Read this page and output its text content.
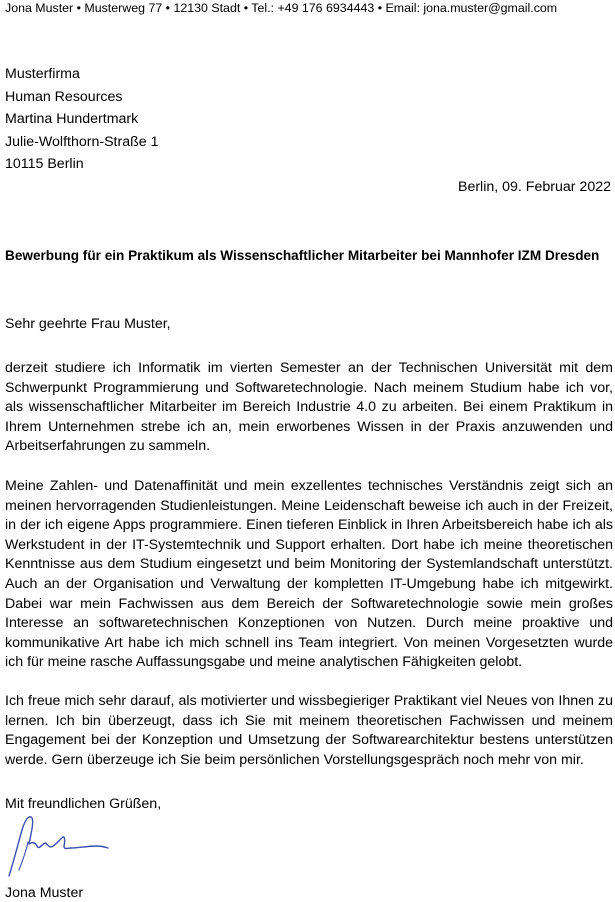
Jona Muster • Musterweg 77 • 12130 Stadt • Tel.: +49 176 6934443 • Email: jona.muster@gmail.com
Musterfirma
Human Resources
Martina Hundertmark
Julie-Wolfthorn-Straße 1
10115 Berlin
Berlin, 09. Februar 2022
Bewerbung für ein Praktikum als Wissenschaftlicher Mitarbeiter bei Mannhofer IZM Dresden
Sehr geehrte Frau Muster,
derzeit studiere ich Informatik im vierten Semester an der Technischen Universität mit dem Schwerpunkt Programmierung und Softwaretechnologie. Nach meinem Studium habe ich vor, als wissenschaftlicher Mitarbeiter im Bereich Industrie 4.0 zu arbeiten. Bei einem Praktikum in Ihrem Unternehmen strebe ich an, mein erworbenes Wissen in der Praxis anzuwenden und Arbeitserfahrungen zu sammeln.
Meine Zahlen- und Datenaffinität und mein exzellentes technisches Verständnis zeigt sich an meinen hervorragenden Studienleistungen. Meine Leidenschaft beweise ich auch in der Freizeit, in der ich eigene Apps programmiere. Einen tieferen Einblick in Ihren Arbeitsbereich habe ich als Werkstudent in der IT-Systemtechnik und Support erhalten. Dort habe ich meine theoretischen Kenntnisse aus dem Studium eingesetzt und beim Monitoring der Systemlandschaft unterstützt. Auch an der Organisation und Verwaltung der kompletten IT-Umgebung habe ich mitgewirkt. Dabei war mein Fachwissen aus dem Bereich der Softwaretechnologie sowie mein großes Interesse an softwaretechnischen Konzeptionen von Nutzen. Durch meine proaktive und kommunikative Art habe ich mich schnell ins Team integriert. Von meinen Vorgesetzten wurde ich für meine rasche Auffassungsgabe und meine analytischen Fähigkeiten gelobt.
Ich freue mich sehr darauf, als motivierter und wissbegieriger Praktikant viel Neues von Ihnen zu lernen. Ich bin überzeugt, dass ich Sie mit meinem theoretischen Fachwissen und meinem Engagement bei der Konzeption und Umsetzung der Softwarearchitektur bestens unterstützen werde. Gern überzeuge ich Sie beim persönlichen Vorstellungsgespräch noch mehr von mir.
Mit freundlichen Grüßen,
Jona Muster
